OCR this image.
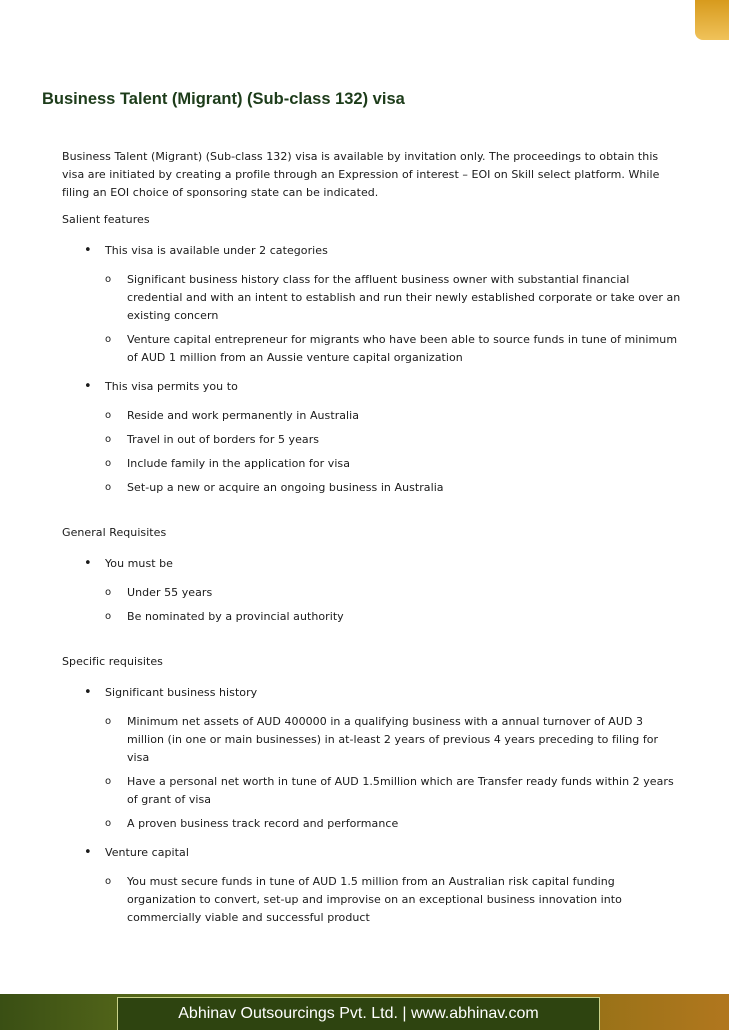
Business Talent (Migrant) (Sub-class 132) visa

Business Talent (Migrant) (Sub-class 132) visa is available by invitation only. The proceedings to obtain this visa are initiated by creating a profile through an Expression of interest – EOI on Skill select platform. While filing an EOI choice of sponsoring state can be indicated.

Salient features

• This visa is available under 2 categories
o Significant business history class for the affluent business owner with substantial financial credential and with an intent to establish and run their newly established corporate or take over an existing concern
o Venture capital entrepreneur for migrants who have been able to source funds in tune of minimum of AUD 1 million from an Aussie venture capital organization
• This visa permits you to
o Reside and work permanently in Australia
o Travel in out of borders for 5 years
o Include family in the application for visa
o Set-up a new or acquire an ongoing business in Australia

General Requisites

• You must be
o Under 55 years
o Be nominated by a provincial authority

Specific requisites

• Significant business history
o Minimum net assets of AUD 400000 in a qualifying business with a annual turnover of AUD 3 million (in one or main businesses) in at-least 2 years of previous 4 years preceding to filing for visa
o Have a personal net worth in tune of AUD 1.5million which are Transfer ready funds within 2 years of grant of visa
o A proven business track record and performance
• Venture capital
o You must secure funds in tune of AUD 1.5 million from an Australian risk capital funding organization to convert, set-up and improvise on an exceptional business innovation into commercially viable and successful product
Abhinav Outsourcings Pvt. Ltd. | www.abhinav.com
